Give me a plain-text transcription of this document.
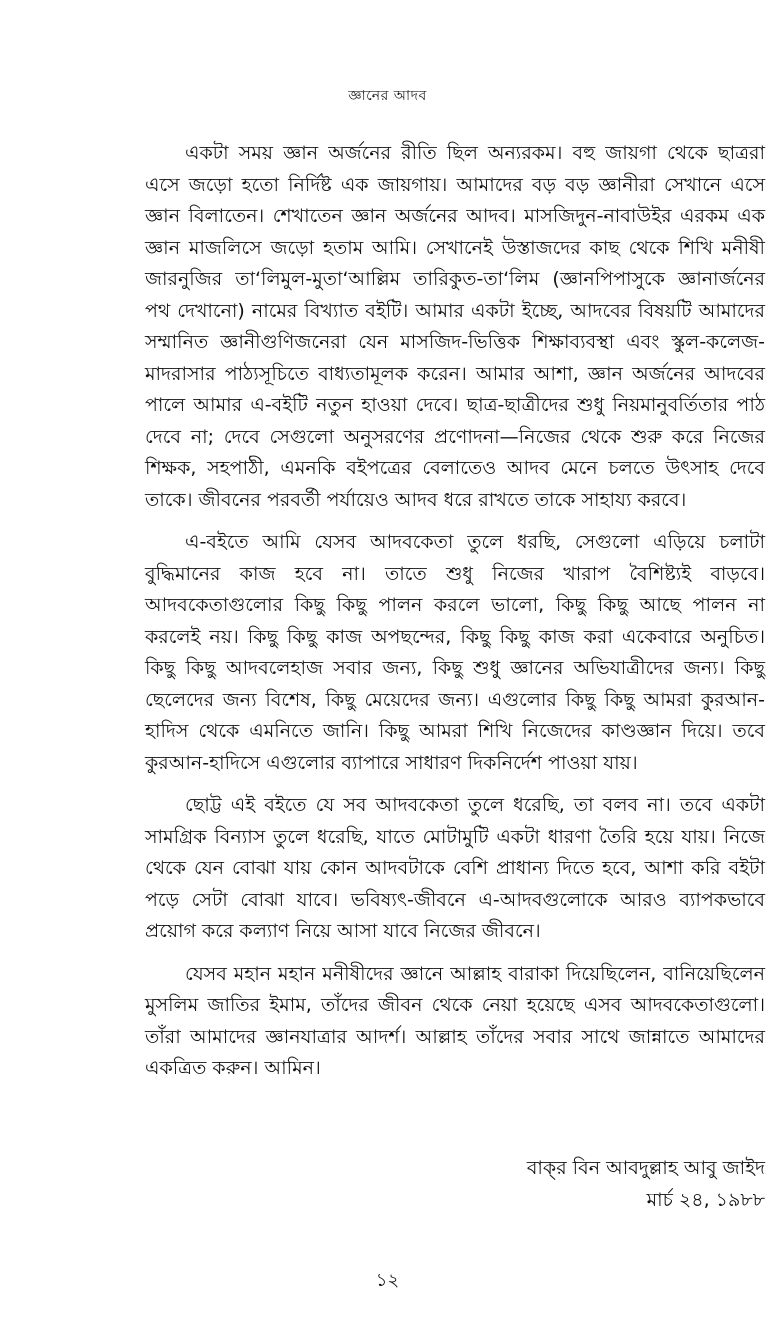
জ্ঞানের আদব

একটা সময় জ্ঞান অর্জনের রীতি ছিল অন্যরকম। বহু জায়গা থেকে ছাত্ররা এসে জড়ো হতো নির্দিষ্ট এক জায়গায়। আমাদের বড় বড় জ্ঞানীরা সেখানে এসে জ্ঞান বিলাতেন। শেখাতেন জ্ঞান অর্জনের আদব। মাসজিদুন-নাবাউইর এরকম এক জ্ঞান মাজলিসে জড়ো হতাম আমি। সেখানেই উস্তাজদের কাছ থেকে শিখি মনীষী জারনুজির তা‘লিমুল-মুতা‘আল্লিম তারিকুত-তা‘লিম (জ্ঞানপিপাসুকে জ্ঞানার্জনের পথ দেখানো) নামের বিখ্যাত বইটি। আমার একটা ইচ্ছে, আদবের বিষয়টি আমাদের সম্মানিত জ্ঞানীগুণিজনেরা যেন মাসজিদ-ভিত্তিক শিক্ষাব্যবস্থা এবং স্কুল-কলেজ-মাদরাসার পাঠ্যসূচিতে বাধ্যতামূলক করেন। আমার আশা, জ্ঞান অর্জনের আদবের পালে আমার এ-বইটি নতুন হাওয়া দেবে। ছাত্র-ছাত্রীদের শুধু নিয়মানুবর্তিতার পাঠ দেবে না; দেবে সেগুলো অনুসরণের প্রণোদনা—নিজের থেকে শুরু করে নিজের শিক্ষক, সহপাঠী, এমনকি বইপত্রের বেলাতেও আদব মেনে চলতে উৎসাহ দেবে তাকে। জীবনের পরবর্তী পর্যায়েও আদব ধরে রাখতে তাকে সাহায্য করবে।

এ-বইতে আমি যেসব আদবকেতা তুলে ধরছি, সেগুলো এড়িয়ে চলাটা বুদ্ধিমানের কাজ হবে না। তাতে শুধু নিজের খারাপ বৈশিষ্ট্যই বাড়বে। আদবকেতাগুলোর কিছু কিছু পালন করলে ভালো, কিছু কিছু আছে পালন না করলেই নয়। কিছু কিছু কাজ অপছন্দের, কিছু কিছু কাজ করা একেবারে অনুচিত। কিছু কিছু আদবলেহাজ সবার জন্য, কিছু শুধু জ্ঞানের অভিযাত্রীদের জন্য। কিছু ছেলেদের জন্য বিশেষ, কিছু মেয়েদের জন্য। এগুলোর কিছু কিছু আমরা কুরআন-হাদিস থেকে এমনিতে জানি। কিছু আমরা শিখি নিজেদের কাণ্ডজ্ঞান দিয়ে। তবে কুরআন-হাদিসে এগুলোর ব্যাপারে সাধারণ দিকনির্দেশ পাওয়া যায়।

ছোট্ট এই বইতে যে সব আদবকেতা তুলে ধরেছি, তা বলব না। তবে একটা সামগ্রিক বিন্যাস তুলে ধরেছি, যাতে মোটামুটি একটা ধারণা তৈরি হয়ে যায়। নিজে থেকে যেন বোঝা যায় কোন আদবটাকে বেশি প্রাধান্য দিতে হবে, আশা করি বইটা পড়ে সেটা বোঝা যাবে। ভবিষ্যৎ-জীবনে এ-আদবগুলোকে আরও ব্যাপকভাবে প্রয়োগ করে কল্যাণ নিয়ে আসা যাবে নিজের জীবনে।

যেসব মহান মহান মনীষীদের জ্ঞানে আল্লাহ বারাকা দিয়েছিলেন, বানিয়েছিলেন মুসলিম জাতির ইমাম, তাঁদের জীবন থেকে নেয়া হয়েছে এসব আদবকেতাগুলো। তাঁরা আমাদের জ্ঞানযাত্রার আদর্শ। আল্লাহ তাঁদের সবার সাথে জান্নাতে আমাদের একত্রিত করুন। আমিন।

বাক্‌র বিন আবদুল্লাহ আবু জাইদ
মার্চ ২৪, ১৯৮৮
১২
